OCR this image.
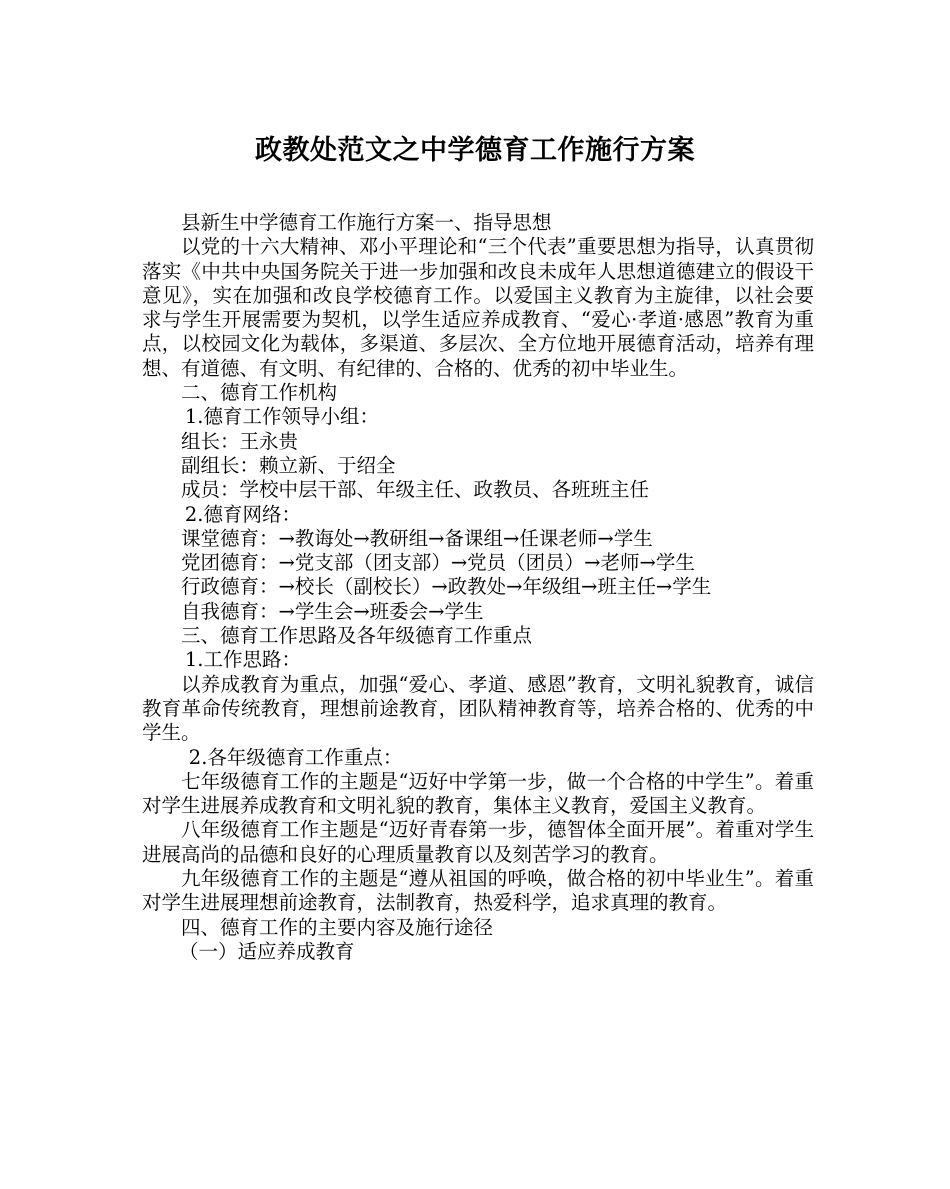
政教处范文之中学德育工作施行方案

县新生中学德育工作施行方案一、指导思想

以党的十六大精神、邓小平理论和“三个代表”重要思想为指导，认真贯彻落实《中共中央国务院关于进一步加强和改良未成年人思想道德建立的假设干意见》，实在加强和改良学校德育工作。以爱国主义教育为主旋律，以社会要求与学生开展需要为契机，以学生适应养成教育、“爱心·孝道·感恩”教育为重点，以校园文化为载体，多渠道、多层次、全方位地开展德育活动，培养有理想、有道德、有文明、有纪律的、合格的、优秀的初中毕业生。

二、德育工作机构

1.德育工作领导小组：

组长：王永贵

副组长：赖立新、于绍全

成员：学校中层干部、年级主任、政教员、各班班主任

2.德育网络：

课堂德育：→教诲处→教研组→备课组→任课老师→学生

党团德育：→党支部（团支部）→党员（团员）→老师→学生

行政德育：→校长（副校长）→政教处→年级组→班主任→学生

自我德育：→学生会→班委会→学生

三、德育工作思路及各年级德育工作重点

1.工作思路：

以养成教育为重点，加强“爱心、孝道、感恩”教育，文明礼貌教育，诚信教育革命传统教育，理想前途教育，团队精神教育等，培养合格的、优秀的中学生。

2.各年级德育工作重点：

七年级德育工作的主题是“迈好中学第一步，做一个合格的中学生”。着重对学生进展养成教育和文明礼貌的教育，集体主义教育，爱国主义教育。

八年级德育工作主题是“迈好青春第一步，德智体全面开展”。着重对学生进展高尚的品德和良好的心理质量教育以及刻苦学习的教育。

九年级德育工作的主题是“遵从祖国的呼唤，做合格的初中毕业生”。着重对学生进展理想前途教育，法制教育，热爱科学，追求真理的教育。

四、德育工作的主要内容及施行途径

（一）适应养成教育
